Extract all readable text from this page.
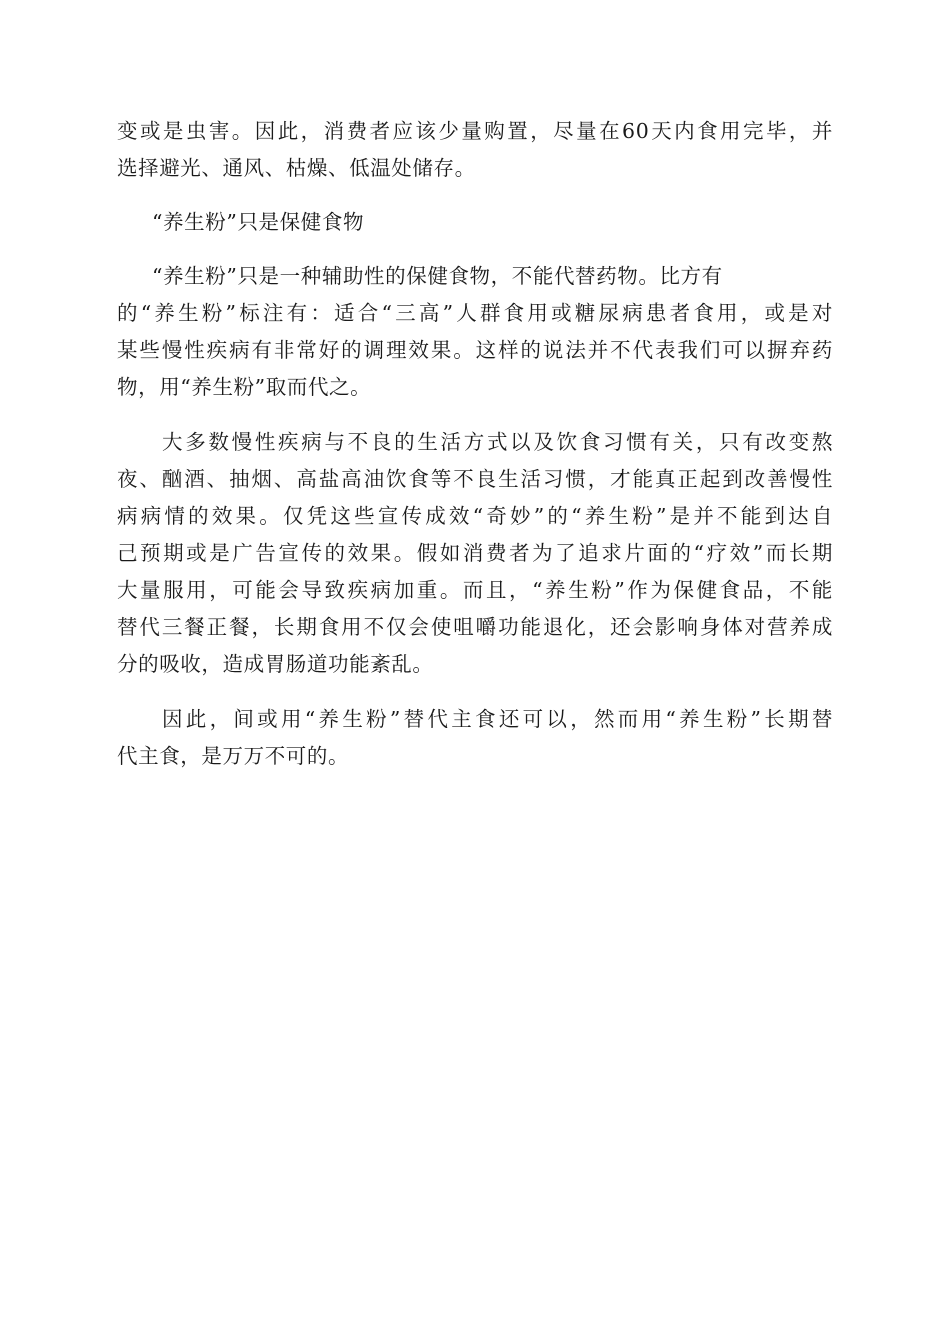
变或是虫害。因此，消费者应该少量购置，尽量在60天内食用完毕，并
选择避光、通风、枯燥、低温处储存。
“养生粉”只是保健食物
“养生粉”只是一种辅助性的保健食物，不能代替药物。比方有
的“养生粉”标注有：适合“三高”人群食用或糖尿病患者食用，或是对
某些慢性疾病有非常好的调理效果。这样的说法并不代表我们可以摒弃药
物，用“养生粉”取而代之。
大多数慢性疾病与不良的生活方式以及饮食习惯有关，只有改变熬
夜、酗酒、抽烟、高盐高油饮食等不良生活习惯，才能真正起到改善慢性
病病情的效果。仅凭这些宣传成效“奇妙”的“养生粉”是并不能到达自
己预期或是广告宣传的效果。假如消费者为了追求片面的“疗效”而长期
大量服用，可能会导致疾病加重。而且，“养生粉”作为保健食品，不能
替代三餐正餐，长期食用不仅会使咀嚼功能退化，还会影响身体对营养成
分的吸收，造成胃肠道功能紊乱。
因此，间或用“养生粉”替代主食还可以，然而用“养生粉”长期替
代主食，是万万不可的。
